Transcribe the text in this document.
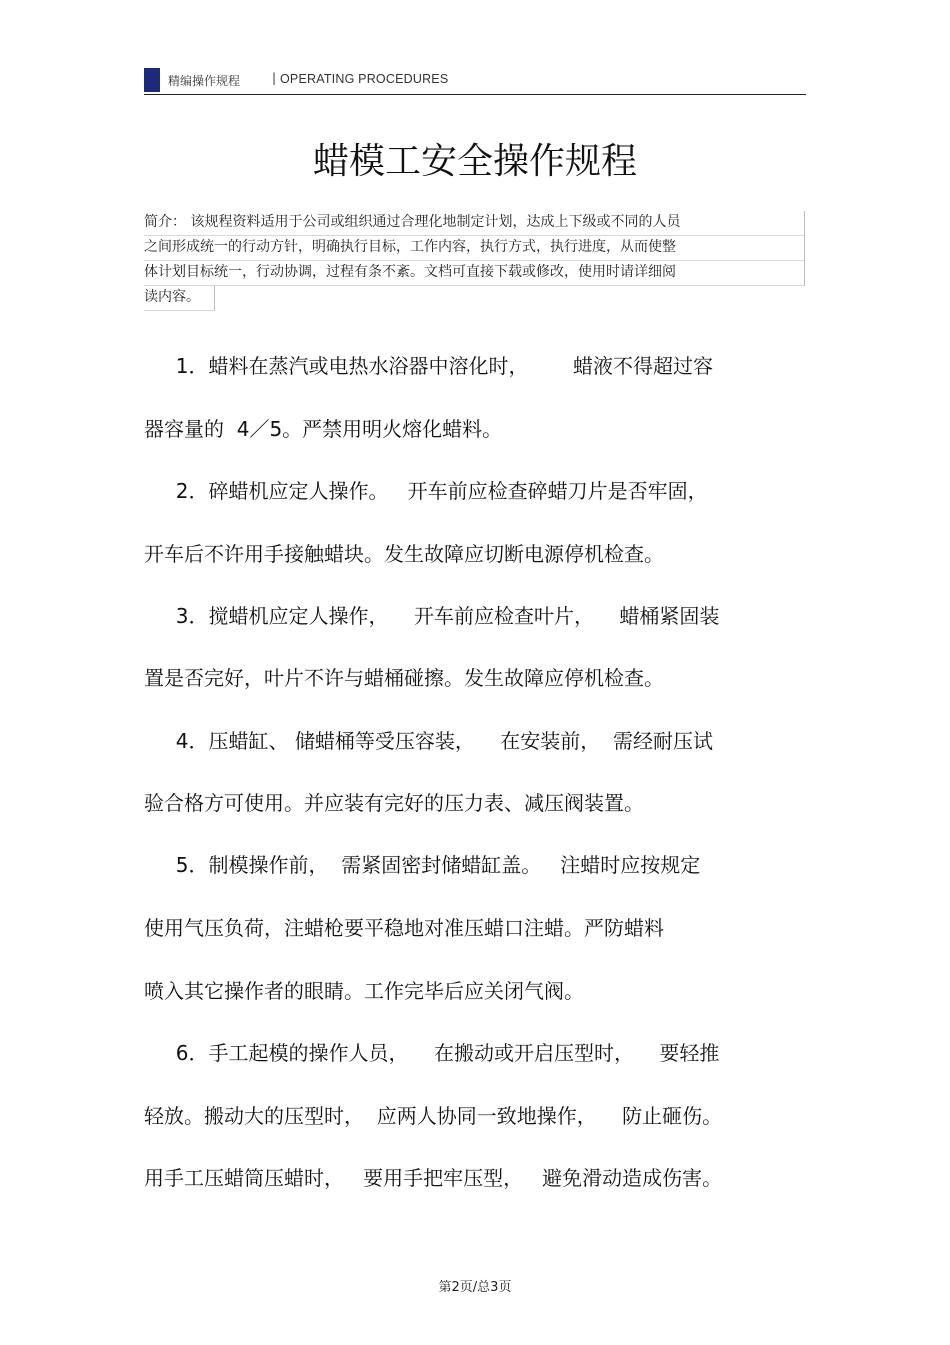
精编操作规程	| OPERATING PROCEDURES
蜡模工安全操作规程
简介： 该规程资料适用于公司或组织通过合理化地制定计划，达成上下级或不同的人员
之间形成统一的行动方针，明确执行目标，工作内容，执行方式，执行进度，从而使整
体计划目标统一，行动协调，过程有条不紊。文档可直接下载或修改，使用时请详细阅
读内容。
1．蜡料在蒸汽或电热水浴器中溶化时，       蜡液不得超过容
器容量的  4／5。严禁用明火熔化蜡料。
2．碎蜡机应定人操作。   开车前应检查碎蜡刀片是否牢固，
开车后不许用手接触蜡块。发生故障应切断电源停机检查。
3．搅蜡机应定人操作，    开车前应检查叶片，    蜡桶紧固装
置是否完好，叶片不许与蜡桶碰擦。发生故障应停机检查。
4．压蜡缸、 储蜡桶等受压容装，    在安装前，  需经耐压试
验合格方可使用。并应装有完好的压力表、减压阀装置。
5．制模操作前，  需紧固密封储蜡缸盖。   注蜡时应按规定
使用气压负荷，注蜡枪要平稳地对准压蜡口注蜡。严防蜡料
喷入其它操作者的眼睛。工作完毕后应关闭气阀。
6．手工起模的操作人员，    在搬动或开启压型时，    要轻推
轻放。搬动大的压型时，  应两人协同一致地操作，    防止砸伤。
用手工压蜡筒压蜡时，   要用手把牢压型，   避免滑动造成伤害。
第2页/总3页
